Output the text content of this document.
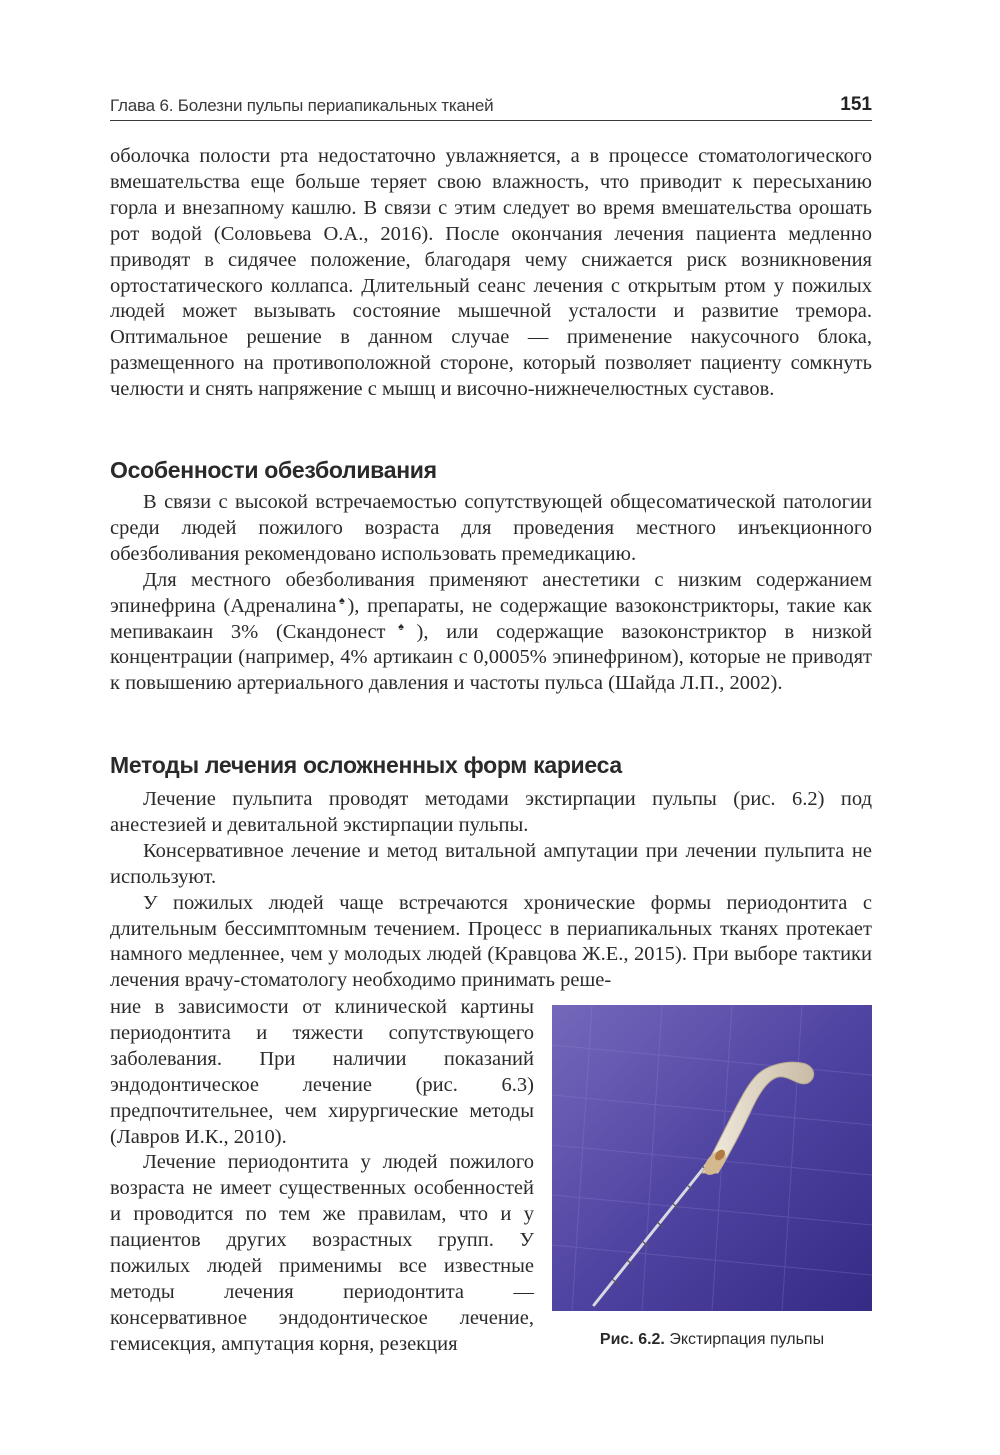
Глава 6. Болезни пульпы периапикальных тканей	151

оболочка полости рта недостаточно увлажняется, а в процессе стоматологического вмешательства еще больше теряет свою влажность, что приводит к пересыханию горла и внезапному кашлю. В связи с этим следует во время вмешательства орошать рот водой (Соловьева О.А., 2016). После окончания лечения пациента медленно приводят в сидячее положение, благодаря чему снижается риск возникновения ортостатического коллапса. Длительный сеанс лечения с открытым ртом у пожилых людей может вызывать состояние мышечной усталости и развитие тремора. Оптимальное решение в данном случае — применение накусочного блока, размещенного на противоположной стороне, который позволяет пациенту сомкнуть челюсти и снять напряжение с мышц и височно-нижнечелюстных суставов.

Особенности обезболивания

В связи с высокой встречаемостью сопутствующей общесоматической патологии среди людей пожилого возраста для проведения местного инъекционного обезболивания рекомендовано использовать премедикацию.

Для местного обезболивания применяют анестетики с низким содержанием эпинефрина (Адреналина♠), препараты, не содержащие вазоконстрикторы, такие как мепивакаин 3% (Скандонест♠), или содержащие вазоконстриктор в низкой концентрации (например, 4% артикаин с 0,0005% эпинефрином), которые не приводят к повышению артериального давления и частоты пульса (Шайда Л.П., 2002).

Методы лечения осложненных форм кариеса

Лечение пульпита проводят методами экстирпации пульпы (рис. 6.2) под анестезией и девитальной экстирпации пульпы.

Консервативное лечение и метод витальной ампутации при лечении пульпита не используют.

У пожилых людей чаще встречаются хронические формы периодонтита с длительным бессимптомным течением. Процесс в периапикальных тканях протекает намного медленнее, чем у молодых людей (Кравцова Ж.Е., 2015). При выборе тактики лечения врачу-стоматологу необходимо принимать реше-

Рис. 6.2. Экстирпация пульпы

ние в зависимости от клинической картины периодонтита и тяжести сопутствующего заболевания. При наличии показаний эндодонтическое лечение (рис. 6.3) предпочтительнее, чем хирургические методы (Лавров И.К., 2010).

Лечение периодонтита у людей пожилого возраста не имеет существенных особенностей и проводится по тем же правилам, что и у пациентов других возрастных групп. У пожилых людей применимы все известные методы лечения периодонтита — консервативное эндодонтическое лечение, гемисекция, ампутация корня, резекция
